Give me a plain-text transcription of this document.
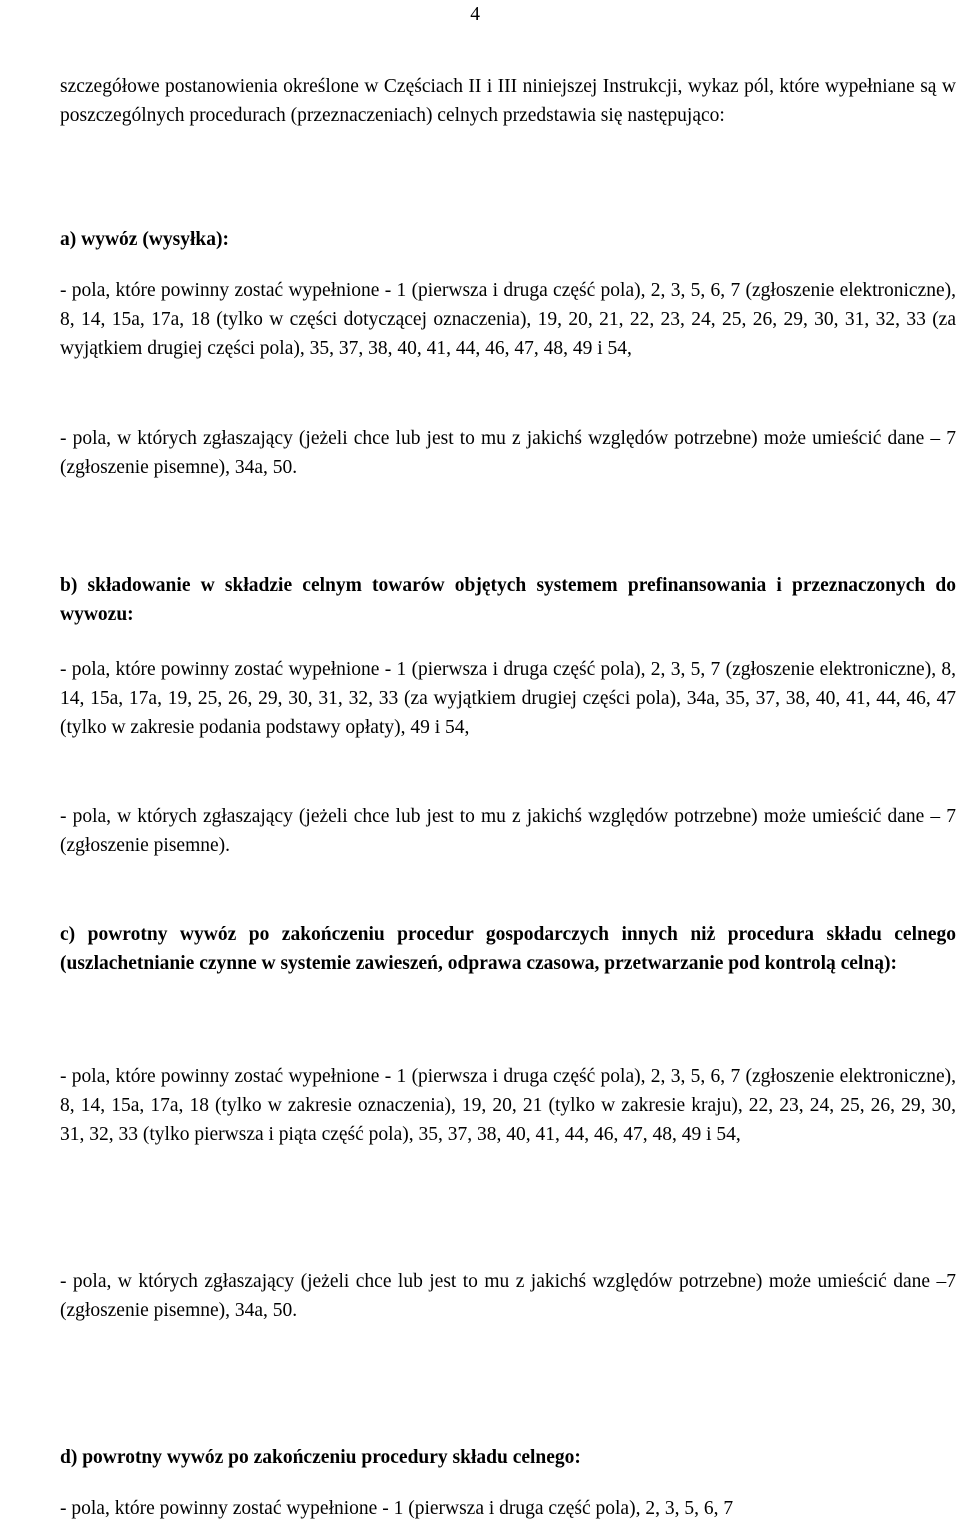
4

szczegółowe postanowienia określone w Częściach II i III niniejszej Instrukcji, wykaz pól, które wypełniane są w poszczególnych procedurach (przeznaczeniach) celnych przedstawia się następująco:

a) wywóz (wysyłka):

- pola, które powinny zostać wypełnione - 1 (pierwsza i druga część pola), 2, 3, 5, 6, 7 (zgłoszenie elektroniczne), 8, 14, 15a, 17a, 18 (tylko w części dotyczącej oznaczenia), 19, 20, 21, 22, 23, 24, 25, 26, 29, 30, 31, 32, 33 (za wyjątkiem drugiej części pola), 35, 37, 38, 40, 41, 44, 46, 47, 48, 49 i 54,

- pola, w których zgłaszający (jeżeli chce lub jest to mu z jakichś względów potrzebne) może umieścić dane – 7 (zgłoszenie pisemne), 34a, 50.

b) składowanie w składzie celnym towarów objętych systemem prefinansowania i przeznaczonych do wywozu:

- pola, które powinny zostać wypełnione - 1 (pierwsza i druga część pola), 2, 3, 5, 7 (zgłoszenie elektroniczne), 8, 14, 15a, 17a, 19, 25, 26, 29, 30, 31, 32, 33 (za wyjątkiem drugiej części pola), 34a, 35, 37, 38, 40, 41, 44, 46, 47 (tylko w zakresie podania podstawy opłaty), 49 i 54,

- pola, w których zgłaszający (jeżeli chce lub jest to mu z jakichś względów potrzebne) może umieścić dane – 7 (zgłoszenie pisemne).

c) powrotny wywóz po zakończeniu procedur gospodarczych innych niż procedura składu celnego (uszlachetnianie czynne w systemie zawieszeń, odprawa czasowa, przetwarzanie pod kontrolą celną):

- pola, które powinny zostać wypełnione - 1 (pierwsza i druga część pola), 2, 3, 5, 6, 7 (zgłoszenie elektroniczne), 8, 14, 15a, 17a, 18 (tylko w zakresie oznaczenia), 19, 20, 21 (tylko w zakresie kraju), 22, 23, 24, 25, 26, 29, 30, 31, 32, 33 (tylko pierwsza i piąta część pola), 35, 37, 38, 40, 41, 44, 46, 47, 48, 49 i 54,

- pola, w których zgłaszający (jeżeli chce lub jest to mu z jakichś względów potrzebne) może umieścić dane –7 (zgłoszenie pisemne), 34a, 50.

d) powrotny wywóz po zakończeniu procedury składu celnego:

- pola, które powinny zostać wypełnione - 1 (pierwsza i druga część pola), 2, 3, 5, 6, 7
